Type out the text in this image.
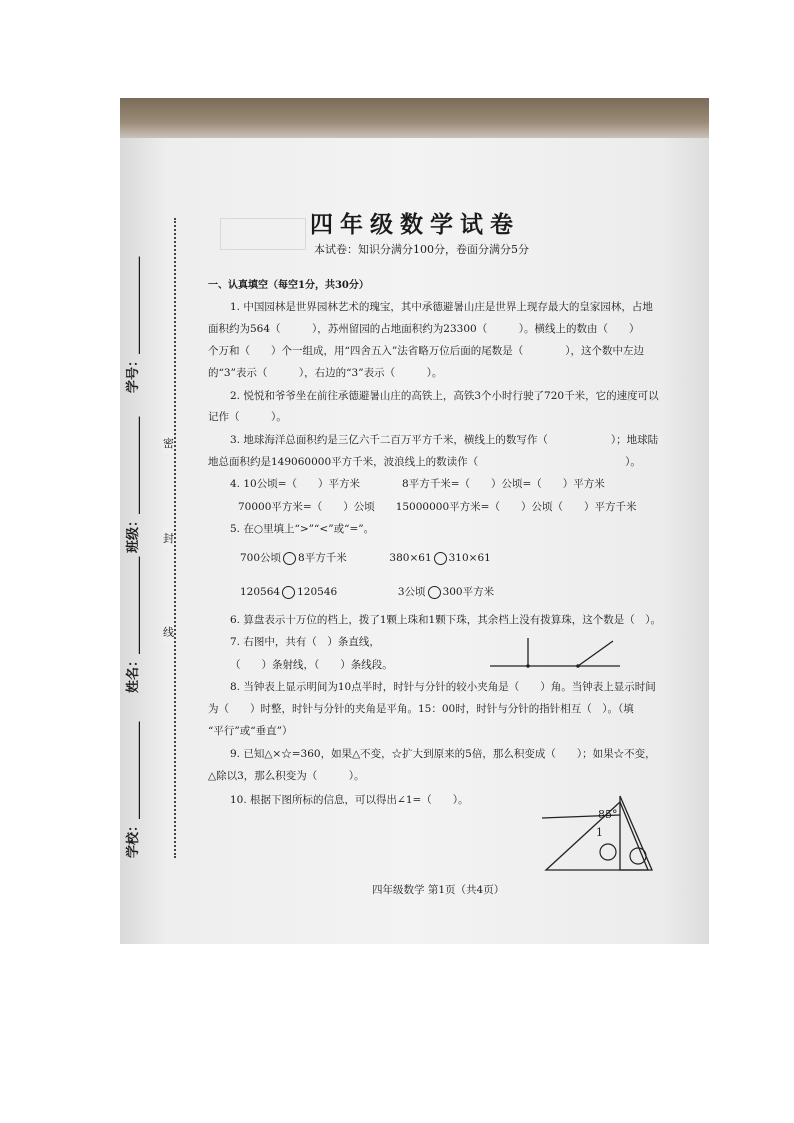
学号：_______________
班级：_______________
姓名：_______________
学校：_______________
密
封
线
四年级数学试卷
本试卷：知识分满分100分，卷面分满分5分
一、认真填空（每空1分，共30分）
1. 中国园林是世界园林艺术的瑰宝，其中承德避暑山庄是世界上现存最大的皇家园林，占地
面积约为564（　　　），苏州留园的占地面积约为23300（　　　）。横线上的数由（　　）
个万和（　　）个一组成，用“四舍五入”法省略万位后面的尾数是（　　　　），这个数中左边
的“3”表示（　　　），右边的“3”表示（　　　）。
2. 悦悦和爷爷坐在前往承德避暑山庄的高铁上，高铁3个小时行驶了720千米，它的速度可以
记作（　　　）。
3. 地球海洋总面积约是三亿六千二百万平方千米，横线上的数写作（　　　　　　）；地球陆
地总面积约是149060000平方千米，波浪线上的数读作（　　　　　　　　　　　　　　）。
4. 10公顷=（　　）平方米　　　　8平方千米=（　　）公顷=（　　）平方米
70000平方米=（　　）公顷　　15000000平方米=（　　）公顷（　　）平方千米
5. 在○里填上“>”“<”或“=”。
700公顷 8平方千米	380×61 310×61
120564 120546	3公顷 300平方米
6. 算盘表示十万位的档上，拨了1颗上珠和1颗下珠，其余档上没有拨算珠，这个数是（　）。
7. 右图中，共有（　）条直线，
（　　）条射线，（　　）条线段。
8. 当钟表上显示明间为10点半时，时针与分针的较小夹角是（　　）角。当钟表上显示时间
为（　　）时整，时针与分针的夹角是平角。15：00时，时针与分针的指针相互（　）。（填
“平行”或“垂直”）
9. 已知△×☆=360，如果△不变，☆扩大到原来的5倍，那么积变成（　　）；如果☆不变，
△除以3，那么积变为（　　　）。
10. 根据下图所标的信息，可以得出∠1=（　　）。
85°
1
四年级数学 第1页（共4页）
